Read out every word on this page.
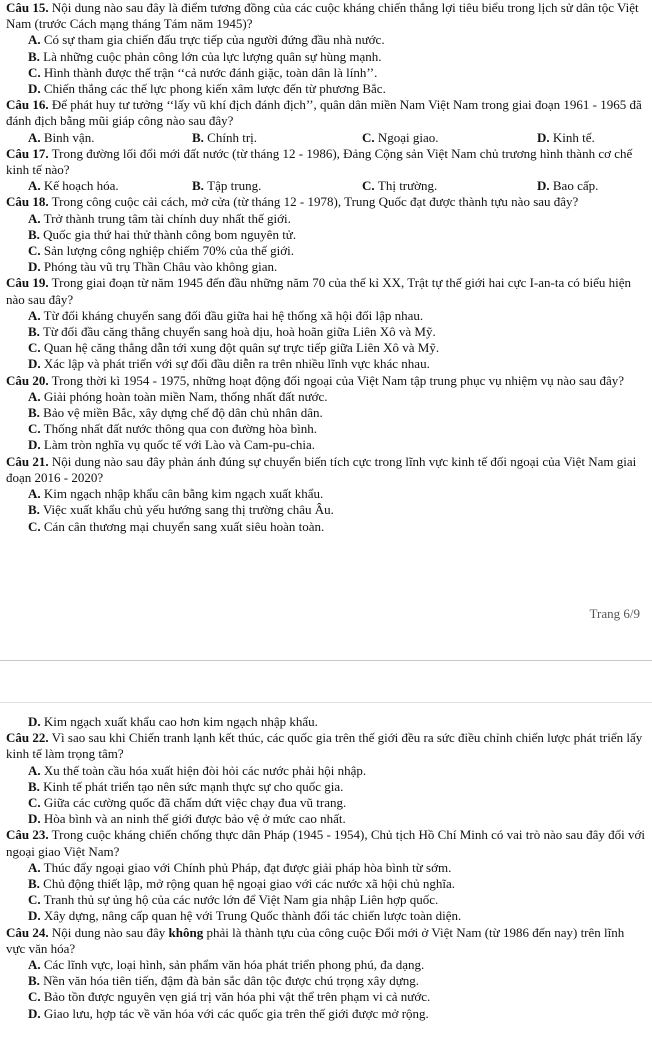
Câu 15. Nội dung nào sau đây là điểm tương đồng của các cuộc kháng chiến thắng lợi tiêu biểu trong lịch sử dân tộc Việt Nam (trước Cách mạng tháng Tám năm 1945)?

A. Có sự tham gia chiến đấu trực tiếp của người đứng đầu nhà nước.

B. Là những cuộc phản công lớn của lực lượng quân sự hùng mạnh.

C. Hình thành được thế trận ‘‘cả nước đánh giặc, toàn dân là lính’’.

D. Chiến thắng các thế lực phong kiến xâm lược đến từ phương Bắc.

Câu 16. Để phát huy tư tưởng ‘‘lấy vũ khí địch đánh địch’’, quân dân miền Nam Việt Nam trong giai đoạn 1961 - 1965 đã đánh địch bằng mũi giáp công nào sau đây?

A. Binh vận.	B. Chính trị.	C. Ngoại giao.	D. Kinh tế.

Câu 17. Trong đường lối đổi mới đất nước (từ tháng 12 - 1986), Đảng Cộng sản Việt Nam chủ trương hình thành cơ chế kinh tế nào?

A. Kế hoạch hóa.	B. Tập trung.	C. Thị trường.	D. Bao cấp.

Câu 18. Trong công cuộc cải cách, mở cửa (từ tháng 12 - 1978), Trung Quốc đạt được thành tựu nào sau đây?

A. Trở thành trung tâm tài chính duy nhất thế giới.

B. Quốc gia thứ hai thử thành công bom nguyên tử.

C. Sản lượng công nghiệp chiếm 70% của thế giới.

D. Phóng tàu vũ trụ Thần Châu vào không gian.

Câu 19. Trong giai đoạn từ năm 1945 đến đầu những năm 70 của thế kỉ XX, Trật tự thế giới hai cực I-an-ta có biểu hiện nào sau đây?

A. Từ đối kháng chuyển sang đối đầu giữa hai hệ thống xã hội đối lập nhau.

B. Từ đối đầu căng thẳng chuyển sang hoà dịu, hoà hoãn giữa Liên Xô và Mỹ.

C. Quan hệ căng thẳng dẫn tới xung đột quân sự trực tiếp giữa Liên Xô và Mỹ.

D. Xác lập và phát triển với sự đối đầu diễn ra trên nhiều lĩnh vực khác nhau.

Câu 20. Trong thời kì 1954 - 1975, những hoạt động đối ngoại của Việt Nam tập trung phục vụ nhiệm vụ nào sau đây?

A. Giải phóng hoàn toàn miền Nam, thống nhất đất nước.

B. Bảo vệ miền Bắc, xây dựng chế độ dân chủ nhân dân.

C. Thống nhất đất nước thông qua con đường hòa bình.

D. Làm tròn nghĩa vụ quốc tế với Lào và Cam-pu-chia.

Câu 21. Nội dung nào sau đây phản ánh đúng sự chuyển biến tích cực trong lĩnh vực kinh tế đối ngoại của Việt Nam giai đoạn 2016 - 2020?

A. Kim ngạch nhập khẩu cân bằng kim ngạch xuất khẩu.

B. Việc xuất khẩu chủ yếu hướng sang thị trường châu Âu.

C. Cán cân thương mại chuyển sang xuất siêu hoàn toàn.

Trang 6/9

D. Kim ngạch xuất khẩu cao hơn kim ngạch nhập khẩu.

Câu 22. Vì sao sau khi Chiến tranh lạnh kết thúc, các quốc gia trên thế giới đều ra sức điều chỉnh chiến lược phát triển lấy kinh tế làm trọng tâm?

A. Xu thế toàn cầu hóa xuất hiện đòi hỏi các nước phải hội nhập.

B. Kinh tế phát triển tạo nên sức mạnh thực sự cho quốc gia.

C. Giữa các cường quốc đã chấm dứt việc chạy đua vũ trang.

D. Hòa bình và an ninh thế giới được bảo vệ ở mức cao nhất.

Câu 23. Trong cuộc kháng chiến chống thực dân Pháp (1945 - 1954), Chủ tịch Hồ Chí Minh có vai trò nào sau đây đối với ngoại giao Việt Nam?

A. Thúc đẩy ngoại giao với Chính phủ Pháp, đạt được giải pháp hòa bình từ sớm.

B. Chủ động thiết lập, mở rộng quan hệ ngoại giao với các nước xã hội chủ nghĩa.

C. Tranh thủ sự ủng hộ của các nước lớn để Việt Nam gia nhập Liên hợp quốc.

D. Xây dựng, nâng cấp quan hệ với Trung Quốc thành đối tác chiến lược toàn diện.

Câu 24. Nội dung nào sau đây không phải là thành tựu của công cuộc Đổi mới ở Việt Nam (từ 1986 đến nay) trên lĩnh vực văn hóa?

A. Các lĩnh vực, loại hình, sản phẩm văn hóa phát triển phong phú, đa dạng.

B. Nền văn hóa tiên tiến, đậm đà bản sắc dân tộc được chú trọng xây dựng.

C. Bảo tồn được nguyên vẹn giá trị văn hóa phi vật thể trên phạm vi cả nước.

D. Giao lưu, hợp tác về văn hóa với các quốc gia trên thế giới được mở rộng.
